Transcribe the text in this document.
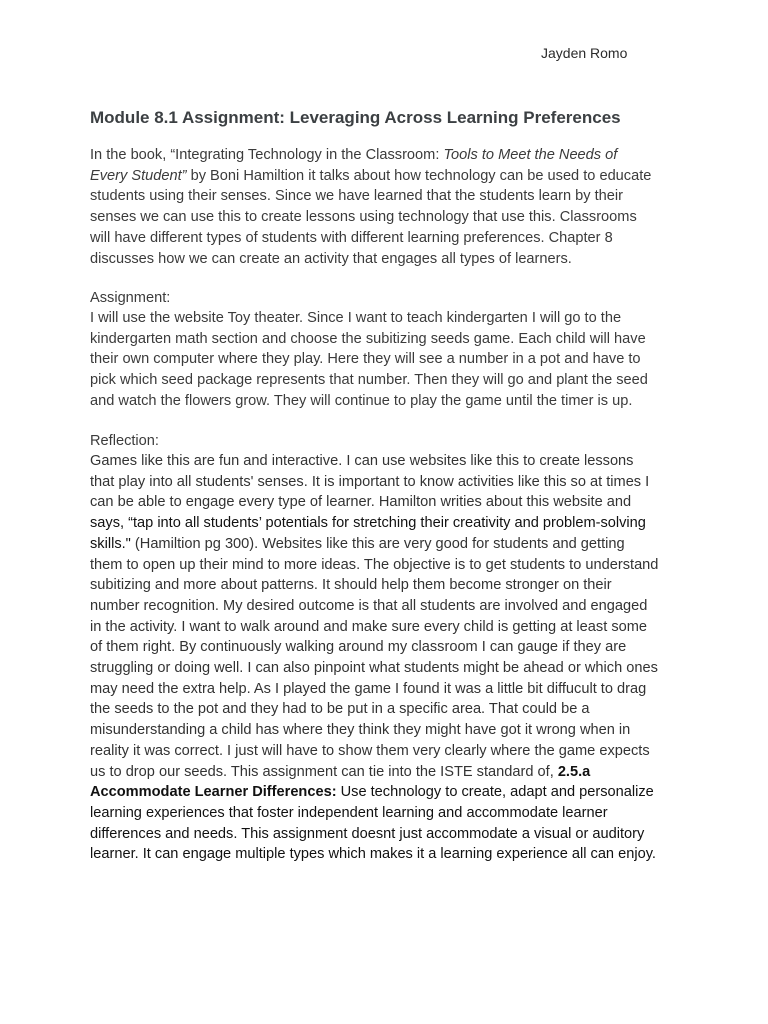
Jayden Romo
Module 8.1 Assignment: Leveraging Across Learning Preferences
In the book, “Integrating Technology in the Classroom: Tools to Meet the Needs of
Every Student” by Boni Hamiltion it talks about how technology can be used to educate
students using their senses. Since we have learned that the students learn by their
senses we can use this to create lessons using technology that use this. Classrooms
will have different types of students with different learning preferences. Chapter 8
discusses how we can create an activity that engages all types of learners.
Assignment:
I will use the website Toy theater. Since I want to teach kindergarten I will go to the
kindergarten math section and choose the subitizing seeds game. Each child will have
their own computer where they play. Here they will see a number in a pot and have to
pick which seed package represents that number. Then they will go and plant the seed
and watch the flowers grow. They will continue to play the game until the timer is up.
Reflection:
Games like this are fun and interactive. I can use websites like this to create lessons
that play into all students' senses. It is important to know activities like this so at times I
can be able to engage every type of learner. Hamilton writies about this website and
says, “tap into all students’ potentials for stretching their creativity and problem-solving
skills." (Hamiltion pg 300). Websites like this are very good for students and getting
them to open up their mind to more ideas. The objective is to get students to understand
subitizing and more about patterns. It should help them become stronger on their
number recognition. My desired outcome is that all students are involved and engaged
in the activity. I want to walk around and make sure every child is getting at least some
of them right. By continuously walking around my classroom I can gauge if they are
struggling or doing well. I can also pinpoint what students might be ahead or which ones
may need the extra help. As I played the game I found it was a little bit diffucult to drag
the seeds to the pot and they had to be put in a specific area. That could be a
misunderstanding a child has where they think they might have got it wrong when in
reality it was correct. I just will have to show them very clearly where the game expects
us to drop our seeds. This assignment can tie into the ISTE standard of, 2.5.a
Accommodate Learner Differences: Use technology to create, adapt and personalize
learning experiences that foster independent learning and accommodate learner
differences and needs. This assignment doesnt just accommodate a visual or auditory
learner. It can engage multiple types which makes it a learning experience all can enjoy.
